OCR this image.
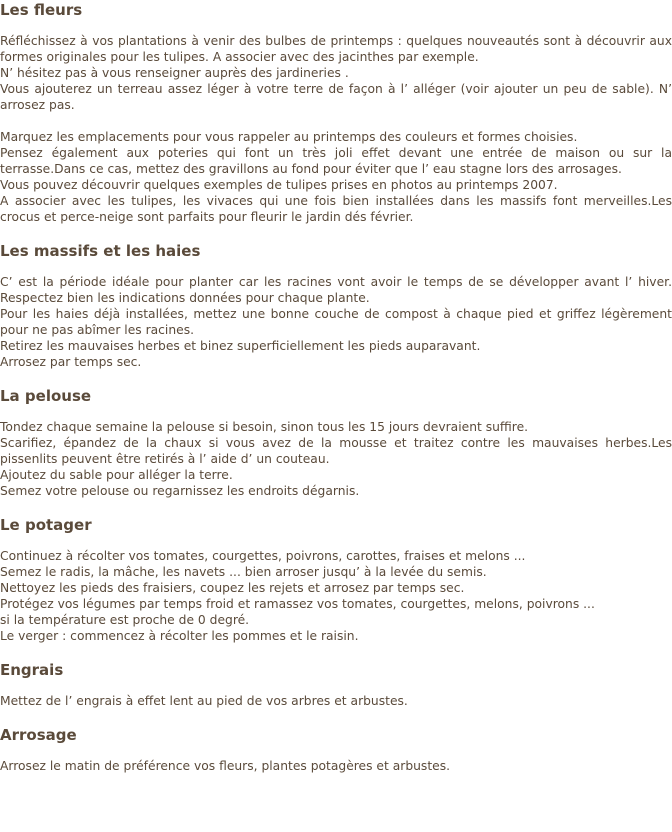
Les fleurs

Réfléchissez à vos plantations à venir des bulbes de printemps : quelques nouveautés sont à découvrir aux formes originales pour les tulipes. A associer avec des jacinthes par exemple.

N’ hésitez pas à vous renseigner auprès des jardineries .

Vous ajouterez un terreau assez léger à votre terre de façon à l’ alléger (voir ajouter un peu de sable). N’ arrosez pas.

Marquez les emplacements pour vous rappeler au printemps des couleurs et formes choisies.

Pensez également aux poteries qui font un très joli effet devant une entrée de maison ou sur la terrasse.Dans ce cas, mettez des gravillons au fond pour éviter que l’ eau stagne lors des arrosages.

Vous pouvez découvrir quelques exemples de tulipes prises en photos au printemps 2007.

A associer avec les tulipes, les vivaces qui une fois bien installées dans les massifs font merveilles.Les crocus et perce-neige sont parfaits pour fleurir le jardin dés février.

Les massifs et les haies

C’ est la période idéale pour planter car les racines vont avoir le temps de se développer avant l’ hiver. Respectez bien les indications données pour chaque plante.

Pour les haies déjà installées, mettez une bonne couche de compost à chaque pied et griffez légèrement pour ne pas abîmer les racines.

Retirez les mauvaises herbes et binez superficiellement les pieds auparavant.

Arrosez par temps sec.

La pelouse

Tondez chaque semaine la pelouse si besoin, sinon tous les 15 jours devraient suffire.

Scarifiez, épandez de la chaux si vous avez de la mousse et traitez contre les mauvaises herbes.Les pissenlits peuvent être retirés à l’ aide d’ un couteau.

Ajoutez du sable pour alléger la terre.

Semez votre pelouse ou regarnissez les endroits dégarnis.

Le potager

Continuez à récolter vos tomates, courgettes, poivrons, carottes, fraises et melons ...

Semez le radis, la mâche, les navets ... bien arroser jusqu’ à la levée du semis.

Nettoyez les pieds des fraisiers, coupez les rejets et arrosez par temps sec.

Protégez vos légumes par temps froid et ramassez vos tomates, courgettes, melons, poivrons ...

si la température est proche de 0 degré.

Le verger : commencez à récolter les pommes et le raisin.

Engrais

Mettez de l’ engrais à effet lent au pied de vos arbres et arbustes.

Arrosage

Arrosez le matin de préférence vos fleurs, plantes potagères et arbustes.
